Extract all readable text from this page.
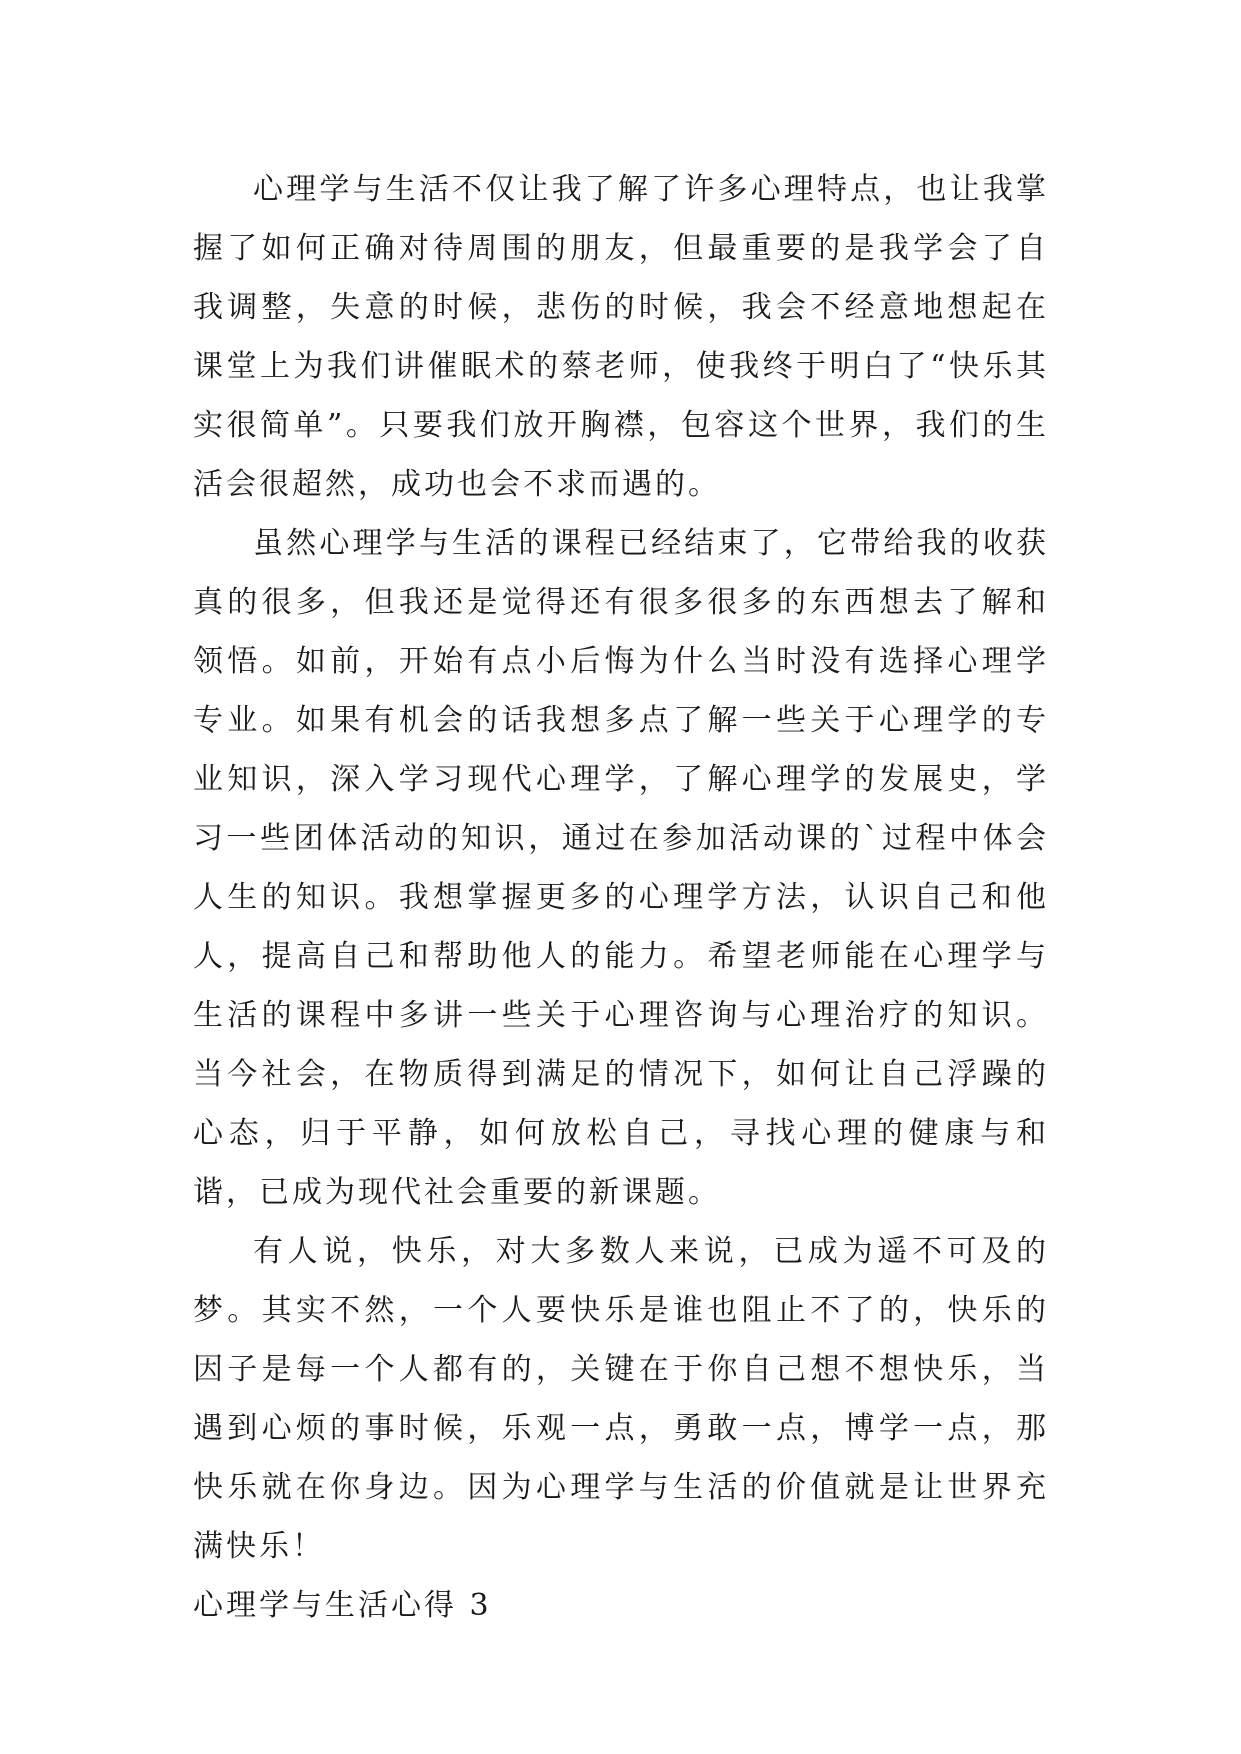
心理学与生活不仅让我了解了许多心理特点，也让我掌握了如何正确对待周围的朋友，但最重要的是我学会了自我调整，失意的时候，悲伤的时候，我会不经意地想起在课堂上为我们讲催眠术的蔡老师，使我终于明白了“快乐其实很简单”。只要我们放开胸襟，包容这个世界，我们的生活会很超然，成功也会不求而遇的。

虽然心理学与生活的课程已经结束了，它带给我的收获真的很多，但我还是觉得还有很多很多的东西想去了解和领悟。如前，开始有点小后悔为什么当时没有选择心理学专业。如果有机会的话我想多点了解一些关于心理学的专业知识，深入学习现代心理学，了解心理学的发展史，学习一些团体活动的知识，通过在参加活动课的`过程中体会人生的知识。我想掌握更多的心理学方法，认识自己和他人，提高自己和帮助他人的能力。希望老师能在心理学与生活的课程中多讲一些关于心理咨询与心理治疗的知识。当今社会，在物质得到满足的情况下，如何让自己浮躁的心态，归于平静，如何放松自己，寻找心理的健康与和谐，已成为现代社会重要的新课题。

有人说，快乐，对大多数人来说，已成为遥不可及的梦。其实不然，一个人要快乐是谁也阻止不了的，快乐的因子是每一个人都有的，关键在于你自己想不想快乐，当遇到心烦的事时候，乐观一点，勇敢一点，博学一点，那快乐就在你身边。因为心理学与生活的价值就是让世界充满快乐！

心理学与生活心得 3
